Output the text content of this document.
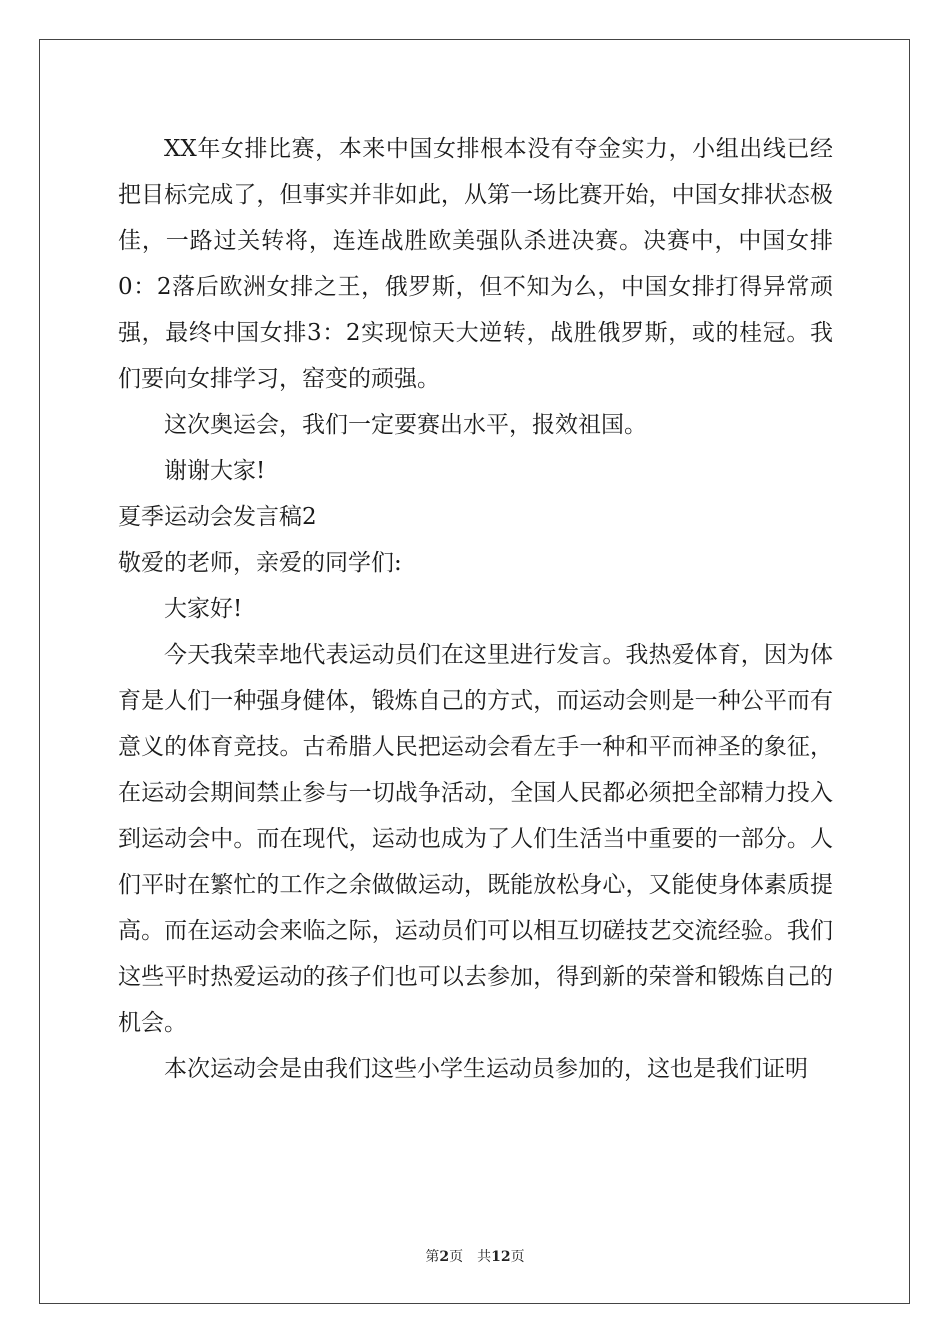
XX年女排比赛，本来中国女排根本没有夺金实力，小组出线已经把目标完成了，但事实并非如此，从第一场比赛开始，中国女排状态极佳，一路过关转将，连连战胜欧美强队杀进决赛。决赛中，中国女排0：2落后欧洲女排之王，俄罗斯，但不知为么，中国女排打得异常顽强，最终中国女排3：2实现惊天大逆转，战胜俄罗斯，或的桂冠。我们要向女排学习，窑变的顽强。

这次奥运会，我们一定要赛出水平，报效祖国。

谢谢大家!

夏季运动会发言稿2

敬爱的老师，亲爱的同学们:

大家好!

今天我荣幸地代表运动员们在这里进行发言。我热爱体育，因为体育是人们一种强身健体，锻炼自己的方式，而运动会则是一种公平而有意义的体育竞技。古希腊人民把运动会看左手一种和平而神圣的象征，在运动会期间禁止参与一切战争活动，全国人民都必须把全部精力投入到运动会中。而在现代，运动也成为了人们生活当中重要的一部分。人们平时在繁忙的工作之余做做运动，既能放松身心，又能使身体素质提高。而在运动会来临之际，运动员们可以相互切磋技艺交流经验。我们这些平时热爱运动的孩子们也可以去参加，得到新的荣誉和锻炼自己的机会。

本次运动会是由我们这些小学生运动员参加的，这也是我们证明

第2页 共12页
